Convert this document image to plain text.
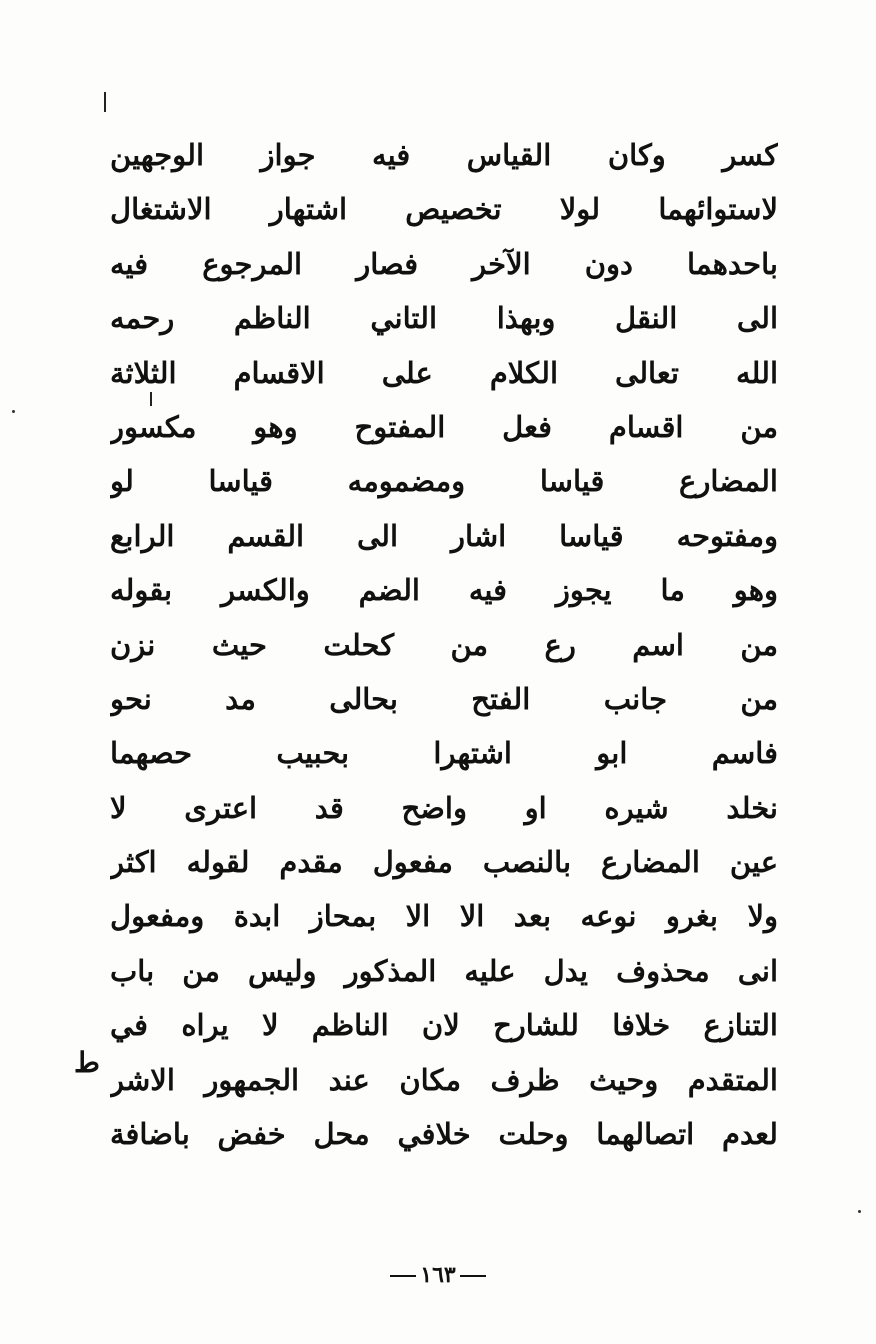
كسر وكان القياس فيه جواز الوجهين
لاستوائهما لولا تخصيص اشتهار الاشتغال
باحدهما دون الآخر فصار المرجوع فيه
الى النقل وبهذا التاني الناظم رحمه
الله تعالى الكلام على الاقسام الثلاثة
من اقسام فعل المفتوح وهو مكسور
المضارع قياسا ومضمومه قياسا لو
ومفتوحه قياسا اشار الى القسم الرابع
وهو ما يجوز فيه الضم والكسر بقوله
من اسم رع من كحلت حيث نزن
من جانب الفتح بحالى مد نحو
فاسم ابو اشتهرا بحبيب حصهما
نخلد شيره او واضح قد اعترى لا
عين المضارع بالنصب مفعول مقدم لقوله اكثر
ولا بغرو نوعه بعد الا الا بمحاز ابدة ومفعول
انى محذوف يدل عليه المذكور وليس من باب
التنازع خلافا للشارح لان الناظم لا يراه في
المتقدم وحيث ظرف مكان عند الجمهور الاشر
لعدم اتصالهما وحلت خلافي محل خفض باضافة
ط
١٦٣
